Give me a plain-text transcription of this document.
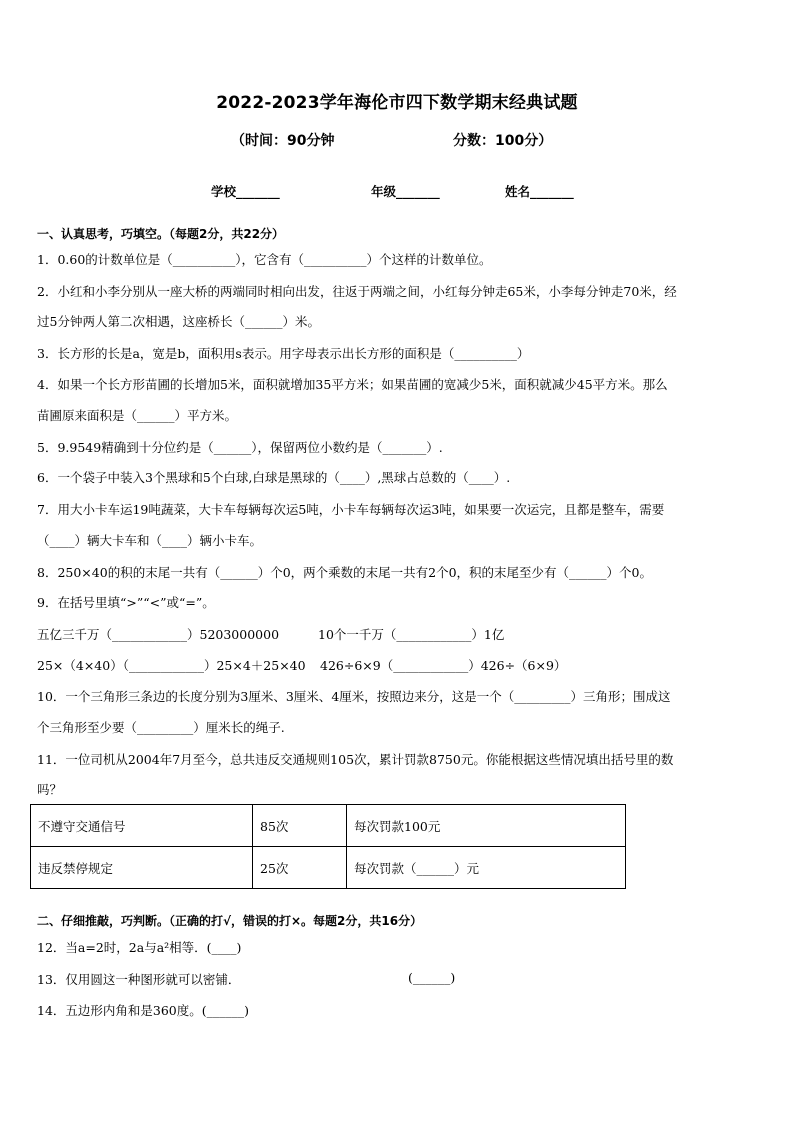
2022-2023学年海伦市四下数学期末经典试题
（时间：90分钟	分数：100分）
学校_______	年级_______	姓名_______
一、认真思考，巧填空。（每题2分，共22分）
1．0.60的计数单位是（__________），它含有（__________）个这样的计数单位。
2．小红和小李分别从一座大桥的两端同时相向出发，往返于两端之间，小红每分钟走65米，小李每分钟走70米，经
过5分钟两人第二次相遇，这座桥长（______）米。
3．长方形的长是a，宽是b，面积用s表示。用字母表示出长方形的面积是（__________）
4．如果一个长方形苗圃的长增加5米，面积就增加35平方米；如果苗圃的宽减少5米，面积就减少45平方米。那么
苗圃原来面积是（______）平方米。
5．9.9549精确到十分位约是（______），保留两位小数约是（_______）.
6．一个袋子中装入3个黑球和5个白球,白球是黑球的（____）,黑球占总数的（____）.
7．用大小卡车运19吨蔬菜，大卡车每辆每次运5吨，小卡车每辆每次运3吨，如果要一次运完，且都是整车，需要
（____）辆大卡车和（____）辆小卡车。
8．250×40的积的末尾一共有（______）个0，两个乘数的末尾一共有2个0，积的末尾至少有（______）个0。
9．在括号里填“>”“<”或“=”。
五亿三千万（____________）5203000000	10个一千万（____________）1亿
25×（4×40）（____________）25×4＋25×40 426÷6×9（____________）426÷（6×9）
10．一个三角形三条边的长度分别为3厘米、3厘米、4厘米，按照边来分，这是一个（_________）三角形；围成这
个三角形至少要（_________）厘米长的绳子.
11．一位司机从2004年7月至今，总共违反交通规则105次，累计罚款8750元。你能根据这些情况填出括号里的数
吗？
不遵守交通信号	85次	每次罚款100元
违反禁停规定	25次	每次罚款（______）元
二、仔细推敲，巧判断。（正确的打√，错误的打×。每题2分，共16分）
12．当a=2时，2a与a²相等．(____)
13．仅用圆这一种图形就可以密铺．	(______)
14．五边形内角和是360度。(______)
